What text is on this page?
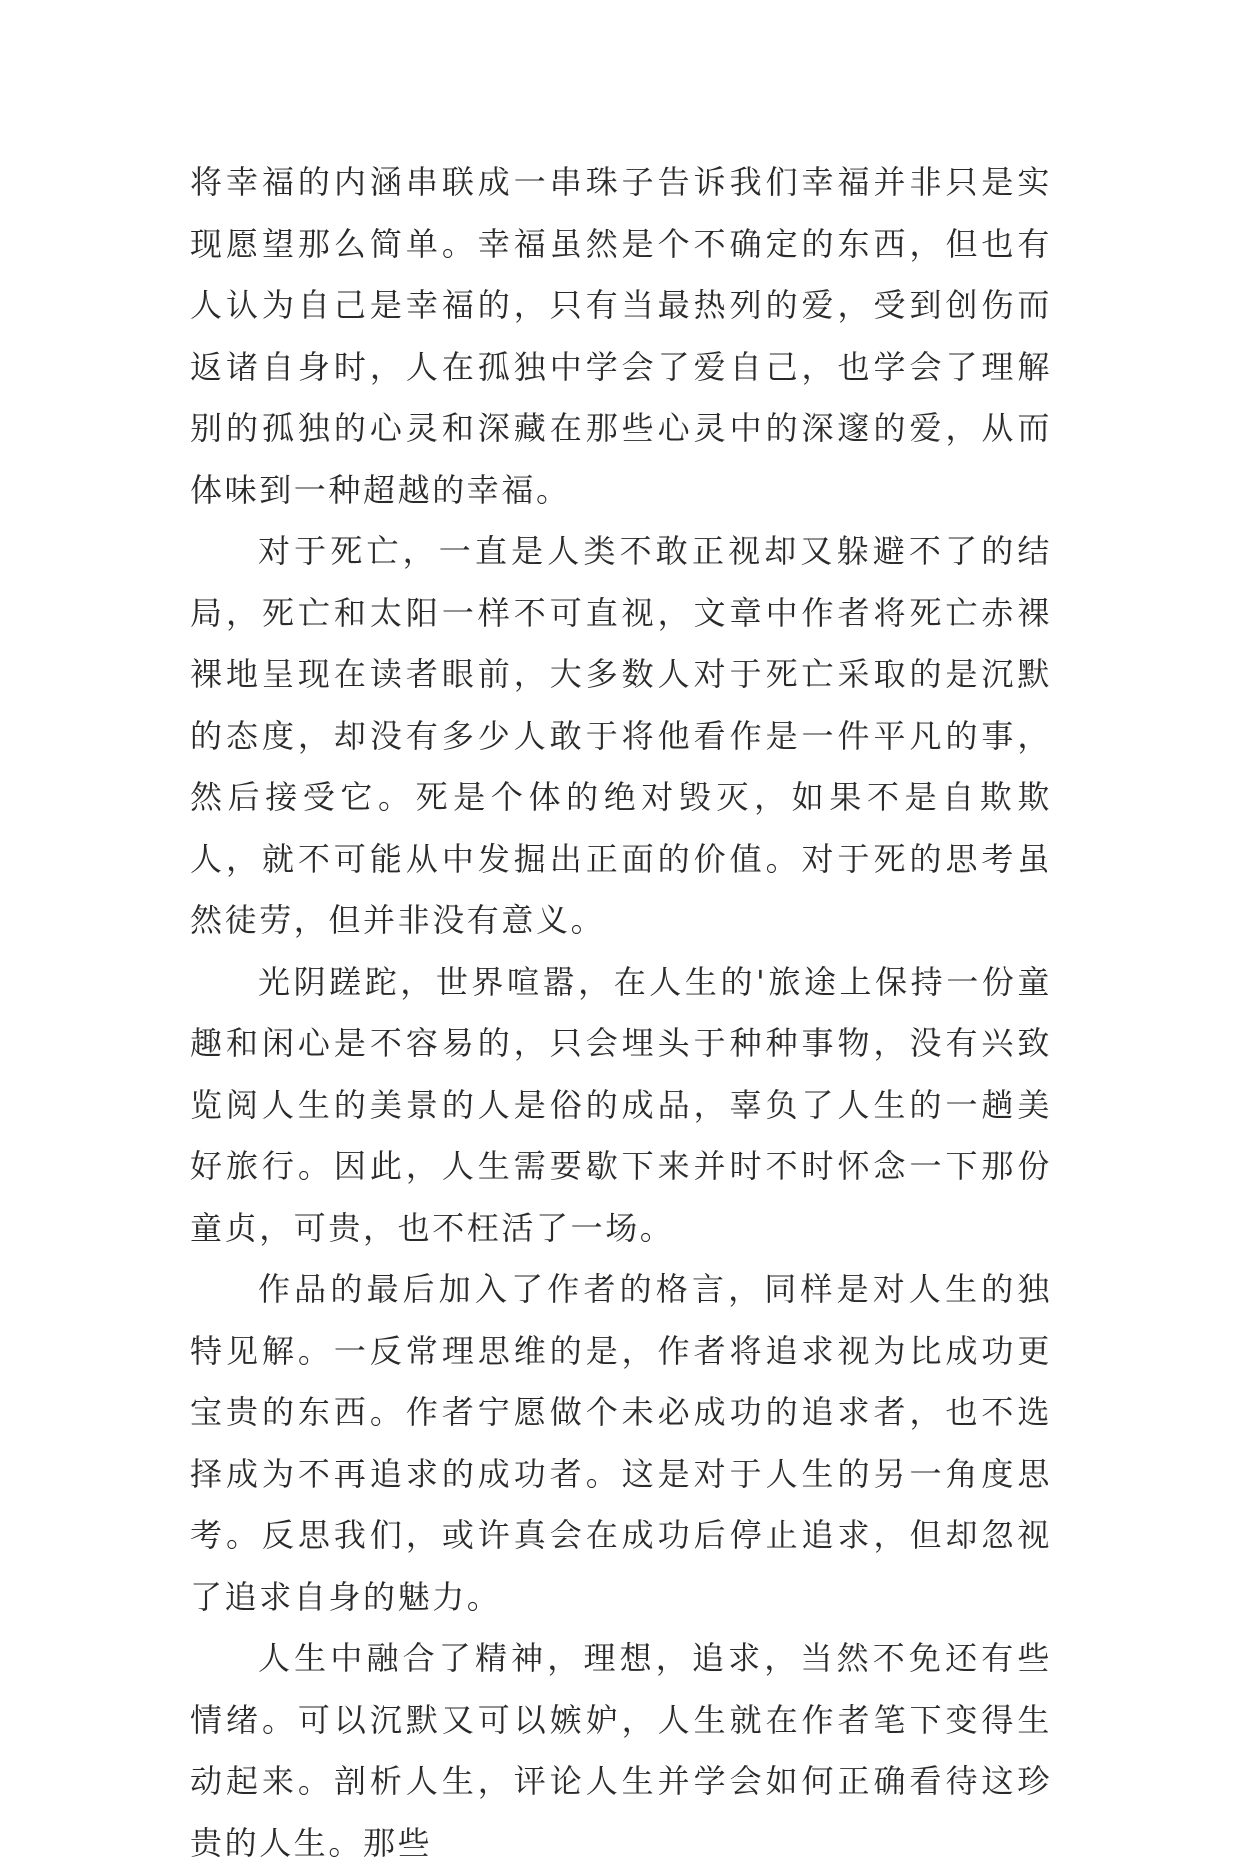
将幸福的内涵串联成一串珠子告诉我们幸福并非只是实现愿望那么简单。幸福虽然是个不确定的东西，但也有人认为自己是幸福的，只有当最热列的爱，受到创伤而返诸自身时，人在孤独中学会了爱自己，也学会了理解别的孤独的心灵和深藏在那些心灵中的深邃的爱，从而体味到一种超越的幸福。

对于死亡，一直是人类不敢正视却又躲避不了的结局，死亡和太阳一样不可直视，文章中作者将死亡赤裸裸地呈现在读者眼前，大多数人对于死亡采取的是沉默的态度，却没有多少人敢于将他看作是一件平凡的事，然后接受它。死是个体的绝对毁灭，如果不是自欺欺人，就不可能从中发掘出正面的价值。对于死的思考虽然徒劳，但并非没有意义。

光阴蹉跎，世界喧嚣，在人生的'旅途上保持一份童趣和闲心是不容易的，只会埋头于种种事物，没有兴致览阅人生的美景的人是俗的成品，辜负了人生的一趟美好旅行。因此，人生需要歇下来并时不时怀念一下那份童贞，可贵，也不枉活了一场。

作品的最后加入了作者的格言，同样是对人生的独特见解。一反常理思维的是，作者将追求视为比成功更宝贵的东西。作者宁愿做个未必成功的追求者，也不选择成为不再追求的成功者。这是对于人生的另一角度思考。反思我们，或许真会在成功后停止追求，但却忽视了追求自身的魅力。

人生中融合了精神，理想，追求，当然不免还有些情绪。可以沉默又可以嫉妒，人生就在作者笔下变得生动起来。剖析人生，评论人生并学会如何正确看待这珍贵的人生。那些
